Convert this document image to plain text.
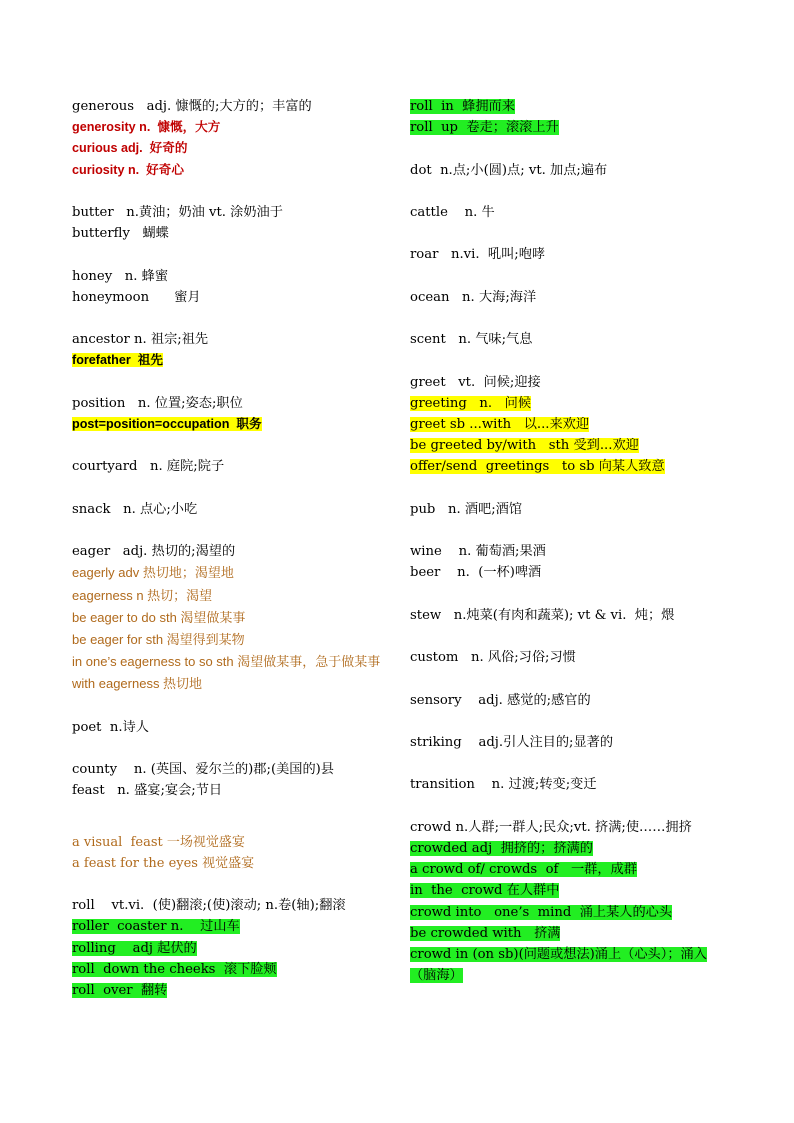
generous   adj. 慷慨的;大方的；丰富的
generosity n.  慷慨，大方
curious adj.  好奇的
curiosity n.  好奇心
butter   n.黄油；奶油 vt. 涂奶油于
butterfly   蝴蝶
honey   n. 蜂蜜
honeymoon      蜜月
ancestor n. 祖宗;祖先
forefather  祖先
position   n. 位置;姿态;职位
post=position=occupation  职务
courtyard   n. 庭院;院子
snack   n. 点心;小吃
eager   adj. 热切的;渴望的
eagerly adv 热切地；渴望地
eagerness n 热切；渴望
be eager to do sth 渴望做某事
be eager for sth 渴望得到某物
in one’s eagerness to so sth 渴望做某事，急于做某事
with eagerness 热切地
poet  n.诗人
county    n. (英国、爱尔兰的)郡;(美国的)县
feast   n. 盛宴;宴会;节日
a visual  feast 一场视觉盛宴
a feast for the eyes 视觉盛宴
roll    vt.vi.  (使)翻滚;(使)滚动; n.卷(轴);翻滚
roller  coaster n.    过山车
rolling    adj 起伏的
roll  down the cheeks  滚下脸颊
roll  over  翻转
roll  in  蜂拥而来
roll  up  卷走；滚滚上升
dot  n.点;小(圆)点; vt. 加点;遍布
cattle    n. 牛
roar   n.vi.  吼叫;咆哮
ocean   n. 大海;海洋
scent   n. 气味;气息
greet   vt.  问候;迎接
greeting   n.   问候
greet sb ...with   以...来欢迎
be greeted by/with   sth 受到...欢迎
offer/send  greetings   to sb 向某人致意
pub   n. 酒吧;酒馆
wine    n. 葡萄酒;果酒
beer    n.  (一杯)啤酒
stew   n.炖菜(有肉和蔬菜); vt & vi.  炖；煨
custom   n. 风俗;习俗;习惯
sensory    adj. 感觉的;感官的
striking    adj.引人注目的;显著的
transition    n. 过渡;转变;变迁
crowd n.人群;一群人;民众;vt. 挤满;使……拥挤
crowded adj  拥挤的；挤满的
a crowd of/ crowds  of   一群，成群
in  the  crowd 在人群中
crowd into   one’s  mind  涌上某人的心头
be crowded with   挤满
crowd in (on sb)(问题或想法)涌上（心头）；涌入（脑海）
